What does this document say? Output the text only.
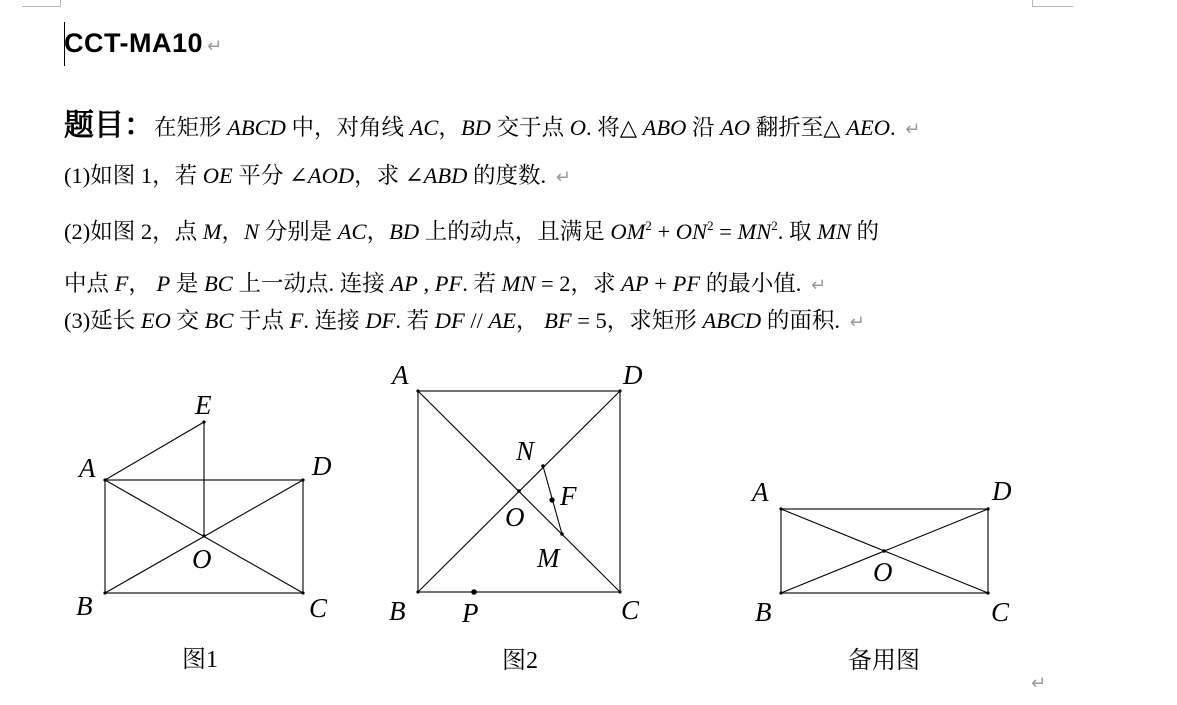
CCT-MA10 ↵
题目：在矩形 ABCD 中，对角线 AC，BD 交于点 O. 将△ ABO 沿 AO 翻折至△ AEO. ↵
(1)如图 1，若 OE 平分 ∠AOD，求 ∠ABD 的度数. ↵
(2)如图 2，点 M，N 分别是 AC，BD 上的动点，且满足 $OM^2 + ON^2 = MN^2$. 取 MN 的
中点 F， P 是 BC 上一动点. 连接 AP , PF. 若 MN = 2，求 AP + PF 的最小值. ↵
(3)延长 EO 交 BC 于点 F. 连接 DF. 若 DF // AE， BF = 5，求矩形 ABCD 的面积. ↵
A	D
E
O
B	C
A	D
N
F
O
M
B P	C
A	D
O
B	C
图1	图2	备用图
↵
